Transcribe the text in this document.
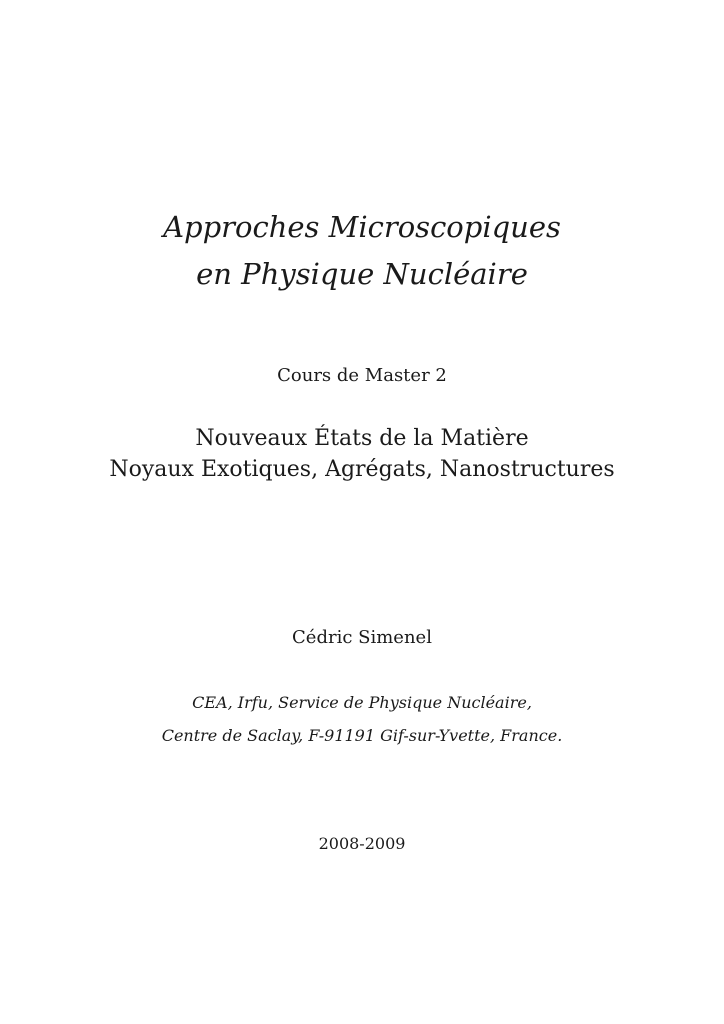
Approches Microscopiques
en Physique Nucléaire
Cours de Master 2
Nouveaux États de la Matière
Noyaux Exotiques, Agrégats, Nanostructures
Cédric Simenel
CEA, Irfu, Service de Physique Nucléaire,
Centre de Saclay, F-91191 Gif-sur-Yvette, France.
2008-2009
